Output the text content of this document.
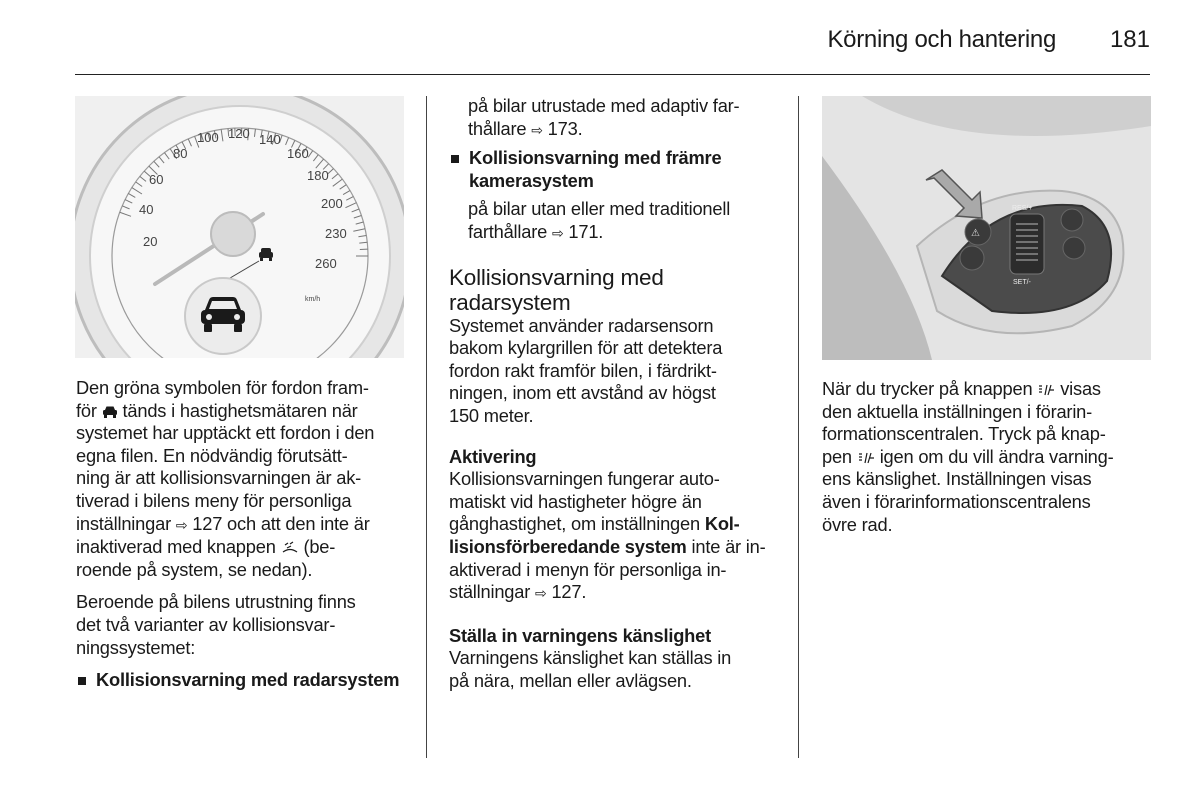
Körning och hantering	181
20
40
60
80
100 120 140
160
180
200
230
260
km/h
⚠
RES/+
SET/-

Den gröna symbolen för fordon fram-
för tänds i hastighetsmätaren när
systemet har upptäckt ett fordon i den
egna filen. En nödvändig förutsätt-
ning är att kollisionsvarningen är ak-
tiverad i bilens meny för personliga
inställningar ⇨ 127 och att den inte är
inaktiverad med knappen (be-
roende på system, se nedan).

Beroende på bilens utrustning finns
det två varianter av kollisionsvar-
ningssystemet:

Kollisionsvarning med radarsystem
på bilar utrustade med adaptiv far-
thållare ⇨ 173.
Kollisionsvarning med främre
kamerasystem
på bilar utan eller med traditionell
farthållare ⇨ 171.
Kollisionsvarning med
radarsystem

Systemet använder radarsensorn
bakom kylargrillen för att detektera
fordon rakt framför bilen, i färdrikt-
ningen, inom ett avstånd av högst
150 meter.

Aktivering

Kollisionsvarningen fungerar auto-
matiskt vid hastigheter högre än
gånghastighet, om inställningen Kol-
lisionsförberedande system inte är in-
aktiverad i menyn för personliga in-
ställningar ⇨ 127.

Ställa in varningens känslighet

Varningens känslighet kan ställas in
på nära, mellan eller avlägsen.

När du trycker på knappen visas
den aktuella inställningen i förarin-
formationscentralen. Tryck på knap-
pen igen om du vill ändra varning-
ens känslighet. Inställningen visas
även i förarinformationscentralens
övre rad.
